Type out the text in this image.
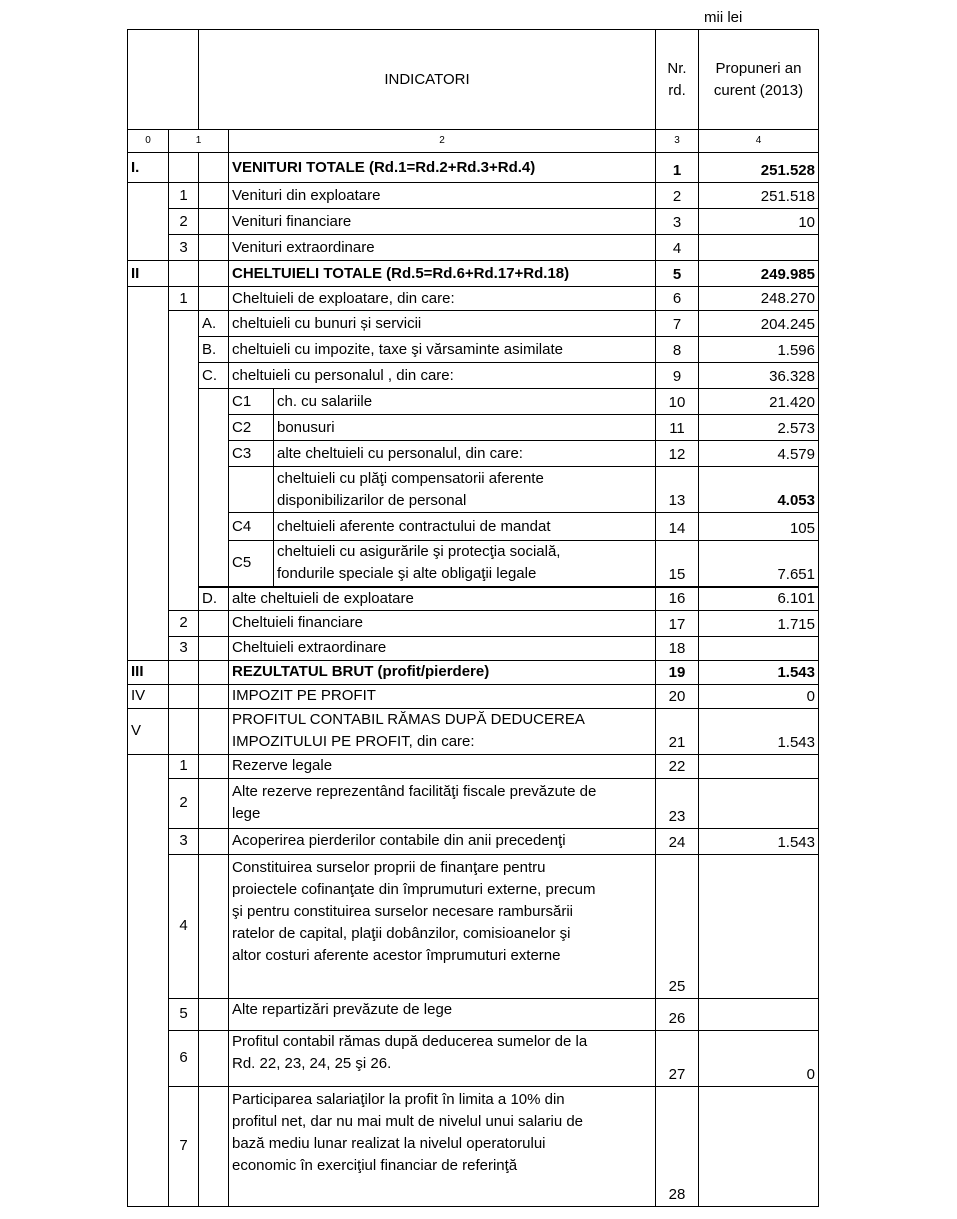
mii lei
		INDICATORI			Nr.
rd.	Propuneri an
curent (2013)
0	1		2		3	4
I.			VENITURI TOTALE (Rd.1=Rd.2+Rd.3+Rd.4)		1	251.528
	1		Venituri din exploatare		2	251.518
	2		Venituri financiare		3	10
	3		Venituri extraordinare		4	
II			CHELTUIELI TOTALE (Rd.5=Rd.6+Rd.17+Rd.18)		5	249.985
	1		Cheltuieli de exploatare, din care:		6	248.270
		A.	cheltuieli cu bunuri și servicii		7	204.245
		B.	cheltuieli cu impozite, taxe şi vărsaminte asimilate		8	1.596
		C.	cheltuieli cu personalul , din care:		9	36.328
			C1	ch. cu salariile	10	21.420
			C2	bonusuri	11	2.573
			C3	alte cheltuieli cu personalul, din care:	12	4.579
				cheltuieli cu plăţi compensatorii aferente
disponibilizarilor de personal	13	4.053
			C4	cheltuieli aferente contractului de mandat	14	105
			C5	cheltuieli cu asigurările şi protecţia socială,
fondurile speciale şi alte obligaţii legale	15	7.651
		D.	alte cheltuieli de exploatare		16	6.101
	2		Cheltuieli financiare		17	1.715
	3		Cheltuieli extraordinare		18	
III			REZULTATUL BRUT (profit/pierdere)		19	1.543
IV			IMPOZIT PE PROFIT		20	0
V			PROFITUL CONTABIL RĂMAS DUPĂ DEDUCEREA
IMPOZITULUI PE PROFIT, din care:		21	1.543
	1		Rezerve legale		22	
	2		Alte rezerve reprezentând facilităţi fiscale prevăzute de
lege		23	
	3		Acoperirea pierderilor contabile din anii precedenţi		24	1.543
	4		Constituirea surselor proprii de finanţare pentru
proiectele cofinanţate din împrumuturi externe, precum
şi pentru constituirea surselor necesare rambursării
ratelor de capital, plaţii dobânzilor, comisioanelor şi
altor costuri aferente acestor împrumuturi externe		25	
	5		Alte repartizări prevăzute de lege		26	
	6		Profitul contabil rămas după deducerea sumelor de la
Rd. 22, 23, 24, 25 şi 26.		27	0
	7		Participarea salariaţilor la profit în limita a 10% din
profitul net, dar nu mai mult de nivelul unui salariu de
bază mediu lunar realizat la nivelul operatorului
economic în exerciţiul financiar de referinţă		28	
